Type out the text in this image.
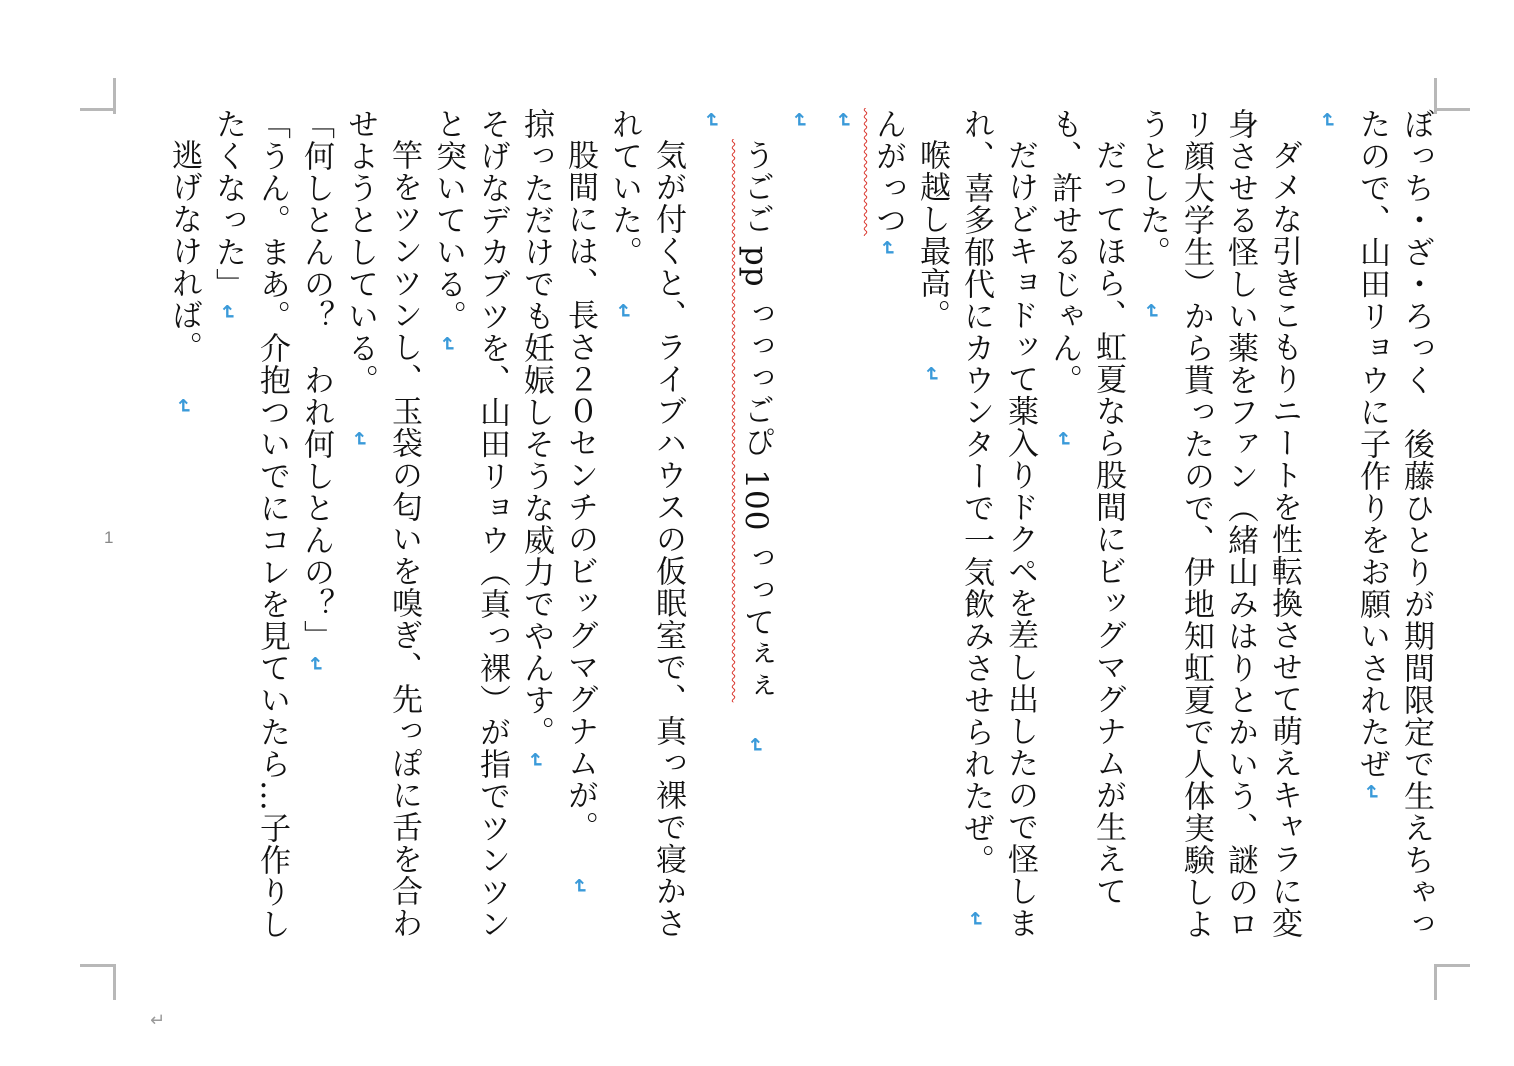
ぼっち・ざ・ろっく　後藤ひとりが期間限定で生えちゃったので、山田リョウに子作りをお願いされたぜ↵

↵

ダメな引きこもりニートを性転換させて萌えキャラに変身させる怪しい薬をファン（緒山みはりとかいう、謎のロリ顔大学生）から貰ったので、伊地知虹夏で人体実験しようとした。↵

だってほら、虹夏なら股間にビッグマグナムが生えても、許せるじゃん。↵

だけどキョドッて薬入りドクペを差し出したので怪しまれ、喜多郁代にカウンターで一気飲みさせられたぜ。↵

喉越し最高。↵

んがっつ↵

↵

↵

うごご pp っっっごぴ 100 っってぇぇ↵

↵

気が付くと、ライブハウスの仮眠室で、真っ裸で寝かされていた。↵

股間には、長さ２０センチのビッグマグナムが。↵

掠っただけでも妊娠しそうな威力でやんす。↵

そげなデカブツを、山田リョウ（真っ裸）が指でツンツンと突いている。↵

竿をツンツンし、玉袋の匂いを嗅ぎ、先っぽに舌を合わせようとしている。↵

「何しとんの？　われ何しとんの？」↵

「うん。まあ。介抱ついでにコレを見ていたら…子作りしたくなった」↵

逃げなければ。↵

1
↵
